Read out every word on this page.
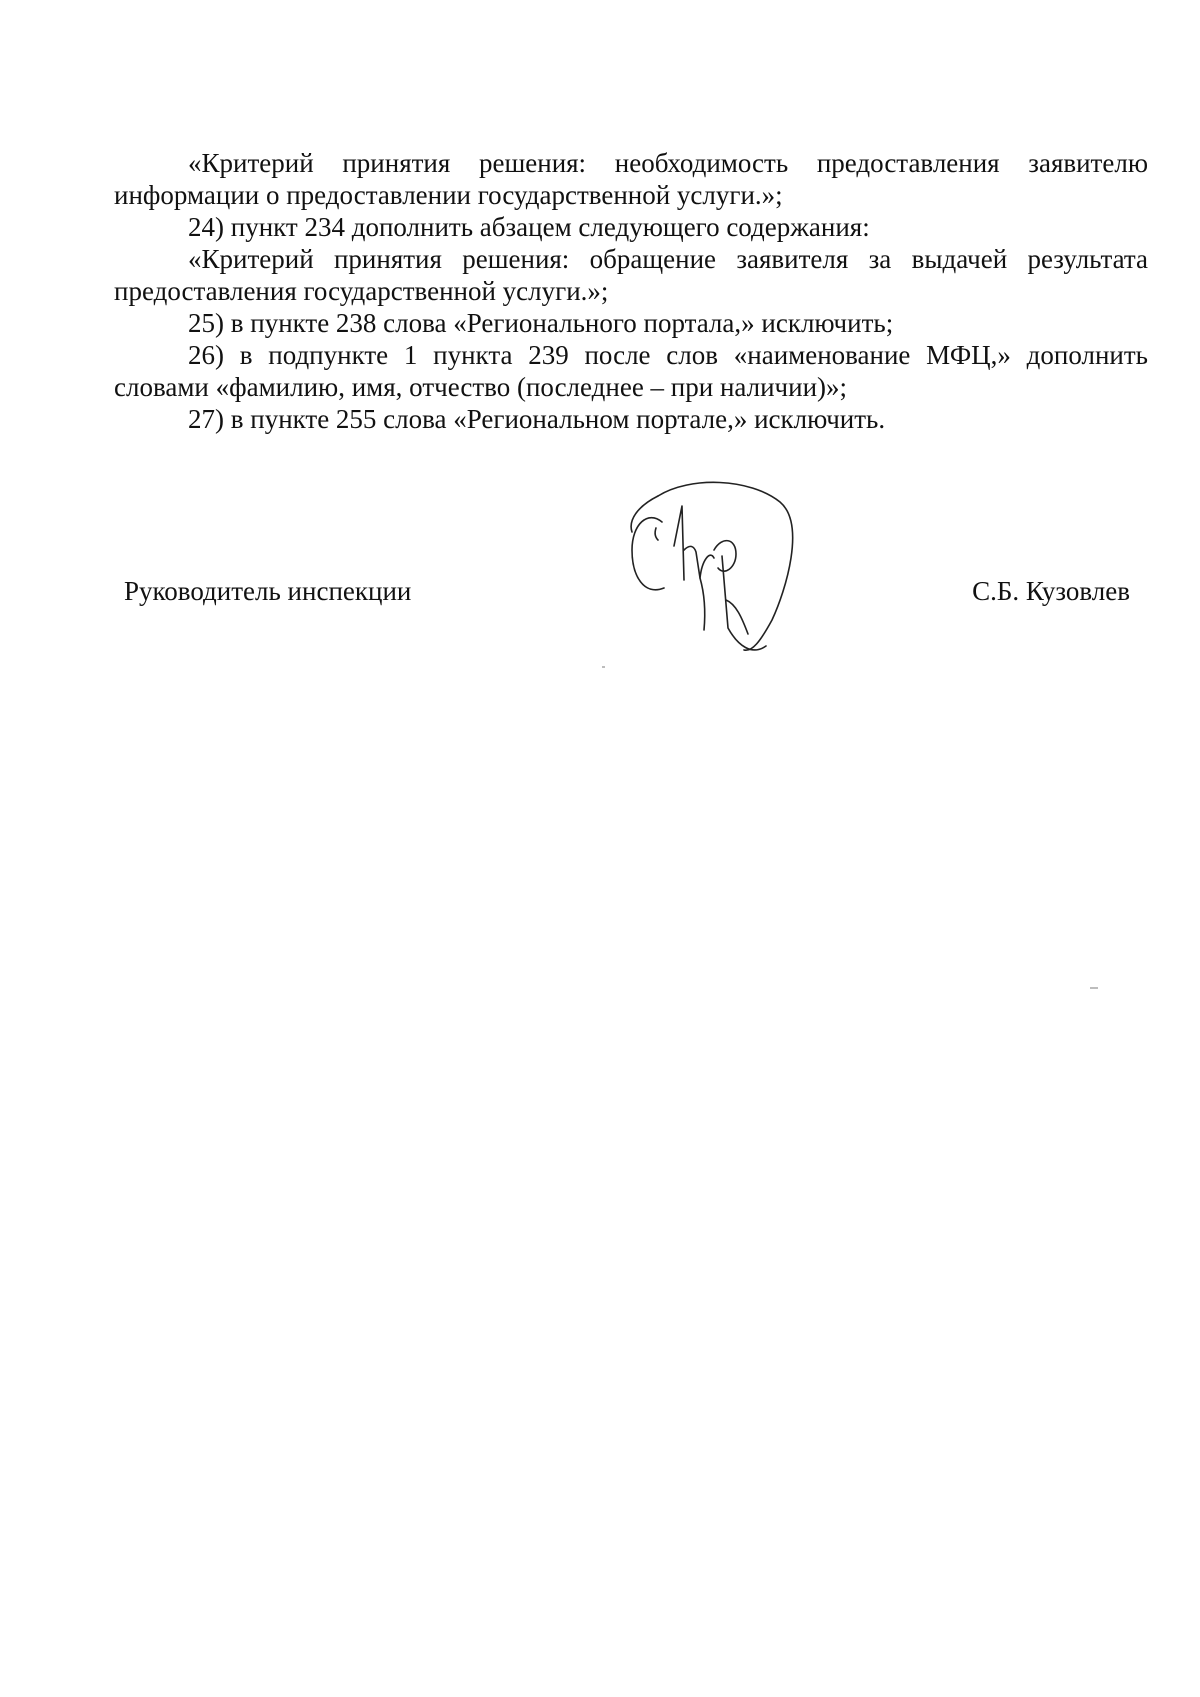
«Критерий принятия решения: необходимость предоставления заявителю информации о предоставлении государственной услуги.»;

24) пункт 234 дополнить абзацем следующего содержания:

«Критерий принятия решения: обращение заявителя за выдачей результата предоставления государственной услуги.»;

25) в пункте 238 слова «Регионального портала,» исключить;

26) в подпункте 1 пункта 239 после слов «наименование МФЦ,» дополнить словами «фамилию, имя, отчество (последнее – при наличии)»;

27) в пункте 255 слова «Региональном портале,» исключить.

Руководитель инспекции	С.Б. Кузовлев
